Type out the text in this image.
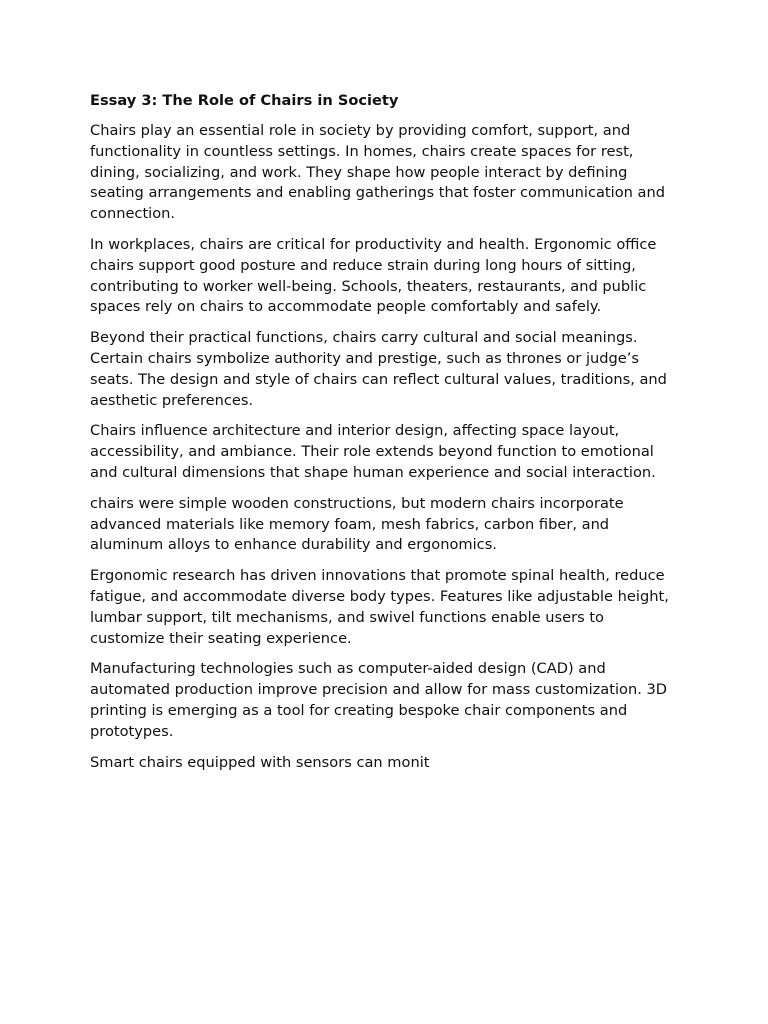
Essay 3: The Role of Chairs in Society

Chairs play an essential role in society by providing comfort, support, and functionality in countless settings. In homes, chairs create spaces for rest, dining, socializing, and work. They shape how people interact by defining seating arrangements and enabling gatherings that foster communication and connection.

In workplaces, chairs are critical for productivity and health. Ergonomic office chairs support good posture and reduce strain during long hours of sitting, contributing to worker well-being. Schools, theaters, restaurants, and public spaces rely on chairs to accommodate people comfortably and safely.

Beyond their practical functions, chairs carry cultural and social meanings. Certain chairs symbolize authority and prestige, such as thrones or judge’s seats. The design and style of chairs can reflect cultural values, traditions, and aesthetic preferences.

Chairs influence architecture and interior design, affecting space layout, accessibility, and ambiance. Their role extends beyond function to emotional and cultural dimensions that shape human experience and social interaction.

chairs were simple wooden constructions, but modern chairs incorporate advanced materials like memory foam, mesh fabrics, carbon fiber, and aluminum alloys to enhance durability and ergonomics.

Ergonomic research has driven innovations that promote spinal health, reduce fatigue, and accommodate diverse body types. Features like adjustable height, lumbar support, tilt mechanisms, and swivel functions enable users to customize their seating experience.

Manufacturing technologies such as computer-aided design (CAD) and automated production improve precision and allow for mass customization. 3D printing is emerging as a tool for creating bespoke chair components and prototypes.

Smart chairs equipped with sensors can monit
